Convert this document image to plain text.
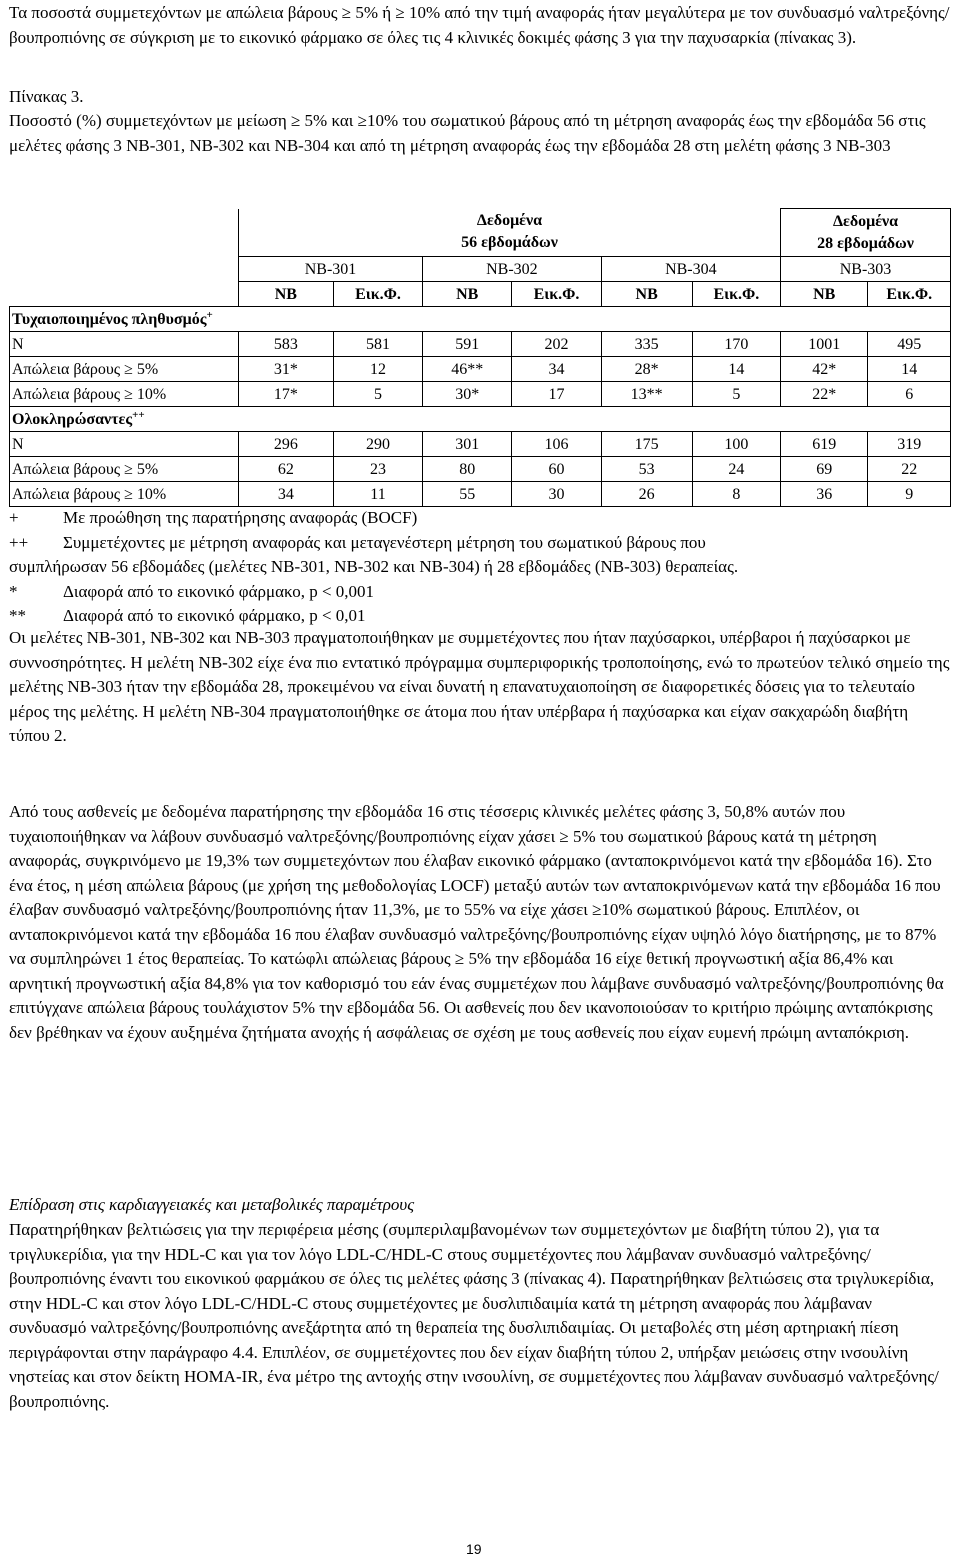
Τα ποσοστά συμμετεχόντων με απώλεια βάρους ≥ 5% ή ≥ 10% από την τιμή αναφοράς ήταν μεγαλύτερα με τον συνδυασμό ναλτρεξόνης/βουπροπιόνης σε σύγκριση με το εικονικό φάρμακο σε όλες τις 4 κλινικές δοκιμές φάσης 3 για την παχυσαρκία (πίνακας 3).

Πίνακας 3.

Ποσοστό (%) συμμετεχόντων με μείωση ≥ 5% και ≥10% του σωματικού βάρους από τη μέτρηση αναφοράς έως την εβδομάδα 56 στις μελέτες φάσης 3 NB-301, NB-302 και NB-304 και από τη μέτρηση αναφοράς έως την εβδομάδα 28 στη μελέτη φάσης 3 NB-303

	Δεδομένα
56 εβδομάδων						Δεδομένα
28 εβδομάδων	
	NB-301		NB-302		NB-304		NB-303	
	NB	Εικ.Φ.	NB	Εικ.Φ.	NB	Εικ.Φ.	NB	Εικ.Φ.
Τυχαιοποιημένος πληθυσμός+
N	583	581	591	202	335	170	1001	495
Απώλεια βάρους ≥ 5%	31*	12	46**	34	28*	14	42*	14
Απώλεια βάρους ≥ 10%	17*	5	30*	17	13**	5	22*	6
Ολοκληρώσαντες++
N	296	290	301	106	175	100	619	319
Απώλεια βάρους ≥ 5%	62	23	80	60	53	24	69	22
Απώλεια βάρους ≥ 10%	34	11	55	30	26	8	36	9
+	Με προώθηση της παρατήρησης αναφοράς (BOCF)
++	Συμμετέχοντες με μέτρηση αναφοράς και μεταγενέστερη μέτρηση του σωματικού βάρους που

συμπλήρωσαν 56 εβδομάδες (μελέτες NB-301, NB-302 και NB-304) ή 28 εβδομάδες (NB-303) θεραπείας.

*	Διαφορά από το εικονικό φάρμακο, p < 0,001
**	Διαφορά από το εικονικό φάρμακο, p < 0,01

Οι μελέτες NB-301, NB-302 και NB-303 πραγματοποιήθηκαν με συμμετέχοντες που ήταν παχύσαρκοι, υπέρβαροι ή παχύσαρκοι με συννοσηρότητες. Η μελέτη NB-302 είχε ένα πιο εντατικό πρόγραμμα συμπεριφορικής τροποποίησης, ενώ το πρωτεύον τελικό σημείο της μελέτης NB-303 ήταν την εβδομάδα 28, προκειμένου να είναι δυνατή η επανατυχαιοποίηση σε διαφορετικές δόσεις για το τελευταίο μέρος της μελέτης. Η μελέτη NB-304 πραγματοποιήθηκε σε άτομα που ήταν υπέρβαρα ή παχύσαρκα και είχαν σακχαρώδη διαβήτη τύπου 2.

Από τους ασθενείς με δεδομένα παρατήρησης την εβδομάδα 16 στις τέσσερις κλινικές μελέτες φάσης 3, 50,8% αυτών που τυχαιοποιήθηκαν να λάβουν συνδυασμό ναλτρεξόνης/βουπροπιόνης είχαν χάσει ≥ 5% του σωματικού βάρους κατά τη μέτρηση αναφοράς, συγκρινόμενο με 19,3% των συμμετεχόντων που έλαβαν εικονικό φάρμακο (ανταποκρινόμενοι κατά την εβδομάδα 16). Στο ένα έτος, η μέση απώλεια βάρους (με χρήση της μεθοδολογίας LOCF) μεταξύ αυτών των ανταποκρινόμενων κατά την εβδομάδα 16 που έλαβαν συνδυασμό ναλτρεξόνης/βουπροπιόνης ήταν 11,3%, με το 55% να είχε χάσει ≥10% σωματικού βάρους. Επιπλέον, οι ανταποκρινόμενοι κατά την εβδομάδα 16 που έλαβαν συνδυασμό ναλτρεξόνης/βουπροπιόνης είχαν υψηλό λόγο διατήρησης, με το 87% να συμπληρώνει 1 έτος θεραπείας. Το κατώφλι απώλειας βάρους ≥ 5% την εβδομάδα 16 είχε θετική προγνωστική αξία 86,4% και αρνητική προγνωστική αξία 84,8% για τον καθορισμό του εάν ένας συμμετέχων που λάμβανε συνδυασμό ναλτρεξόνης/βουπροπιόνης θα επιτύγχανε απώλεια βάρους τουλάχιστον 5% την εβδομάδα 56. Οι ασθενείς που δεν ικανοποιούσαν το κριτήριο πρώιμης ανταπόκρισης δεν βρέθηκαν να έχουν αυξημένα ζητήματα ανοχής ή ασφάλειας σε σχέση με τους ασθενείς που είχαν ευμενή πρώιμη ανταπόκριση.

Επίδραση στις καρδιαγγειακές και μεταβολικές παραμέτρους

Παρατηρήθηκαν βελτιώσεις για την περιφέρεια μέσης (συμπεριλαμβανομένων των συμμετεχόντων με διαβήτη τύπου 2), για τα τριγλυκερίδια, για την HDL-C και για τον λόγο LDL-C/HDL-C στους συμμετέχοντες που λάμβαναν συνδυασμό ναλτρεξόνης/βουπροπιόνης έναντι του εικονικού φαρμάκου σε όλες τις μελέτες φάσης 3 (πίνακας 4). Παρατηρήθηκαν βελτιώσεις στα τριγλυκερίδια, στην HDL-C και στον λόγο LDL-C/HDL-C στους συμμετέχοντες με δυσλιπιδαιμία κατά τη μέτρηση αναφοράς που λάμβαναν συνδυασμό ναλτρεξόνης/βουπροπιόνης ανεξάρτητα από τη θεραπεία της δυσλιπιδαιμίας. Οι μεταβολές στη μέση αρτηριακή πίεση περιγράφονται στην παράγραφο 4.4. Επιπλέον, σε συμμετέχοντες που δεν είχαν διαβήτη τύπου 2, υπήρξαν μειώσεις στην ινσουλίνη νηστείας και στον δείκτη HOMA-IR, ένα μέτρο της αντοχής στην ινσουλίνη, σε συμμετέχοντες που λάμβαναν συνδυασμό ναλτρεξόνης/βουπροπιόνης.

19
